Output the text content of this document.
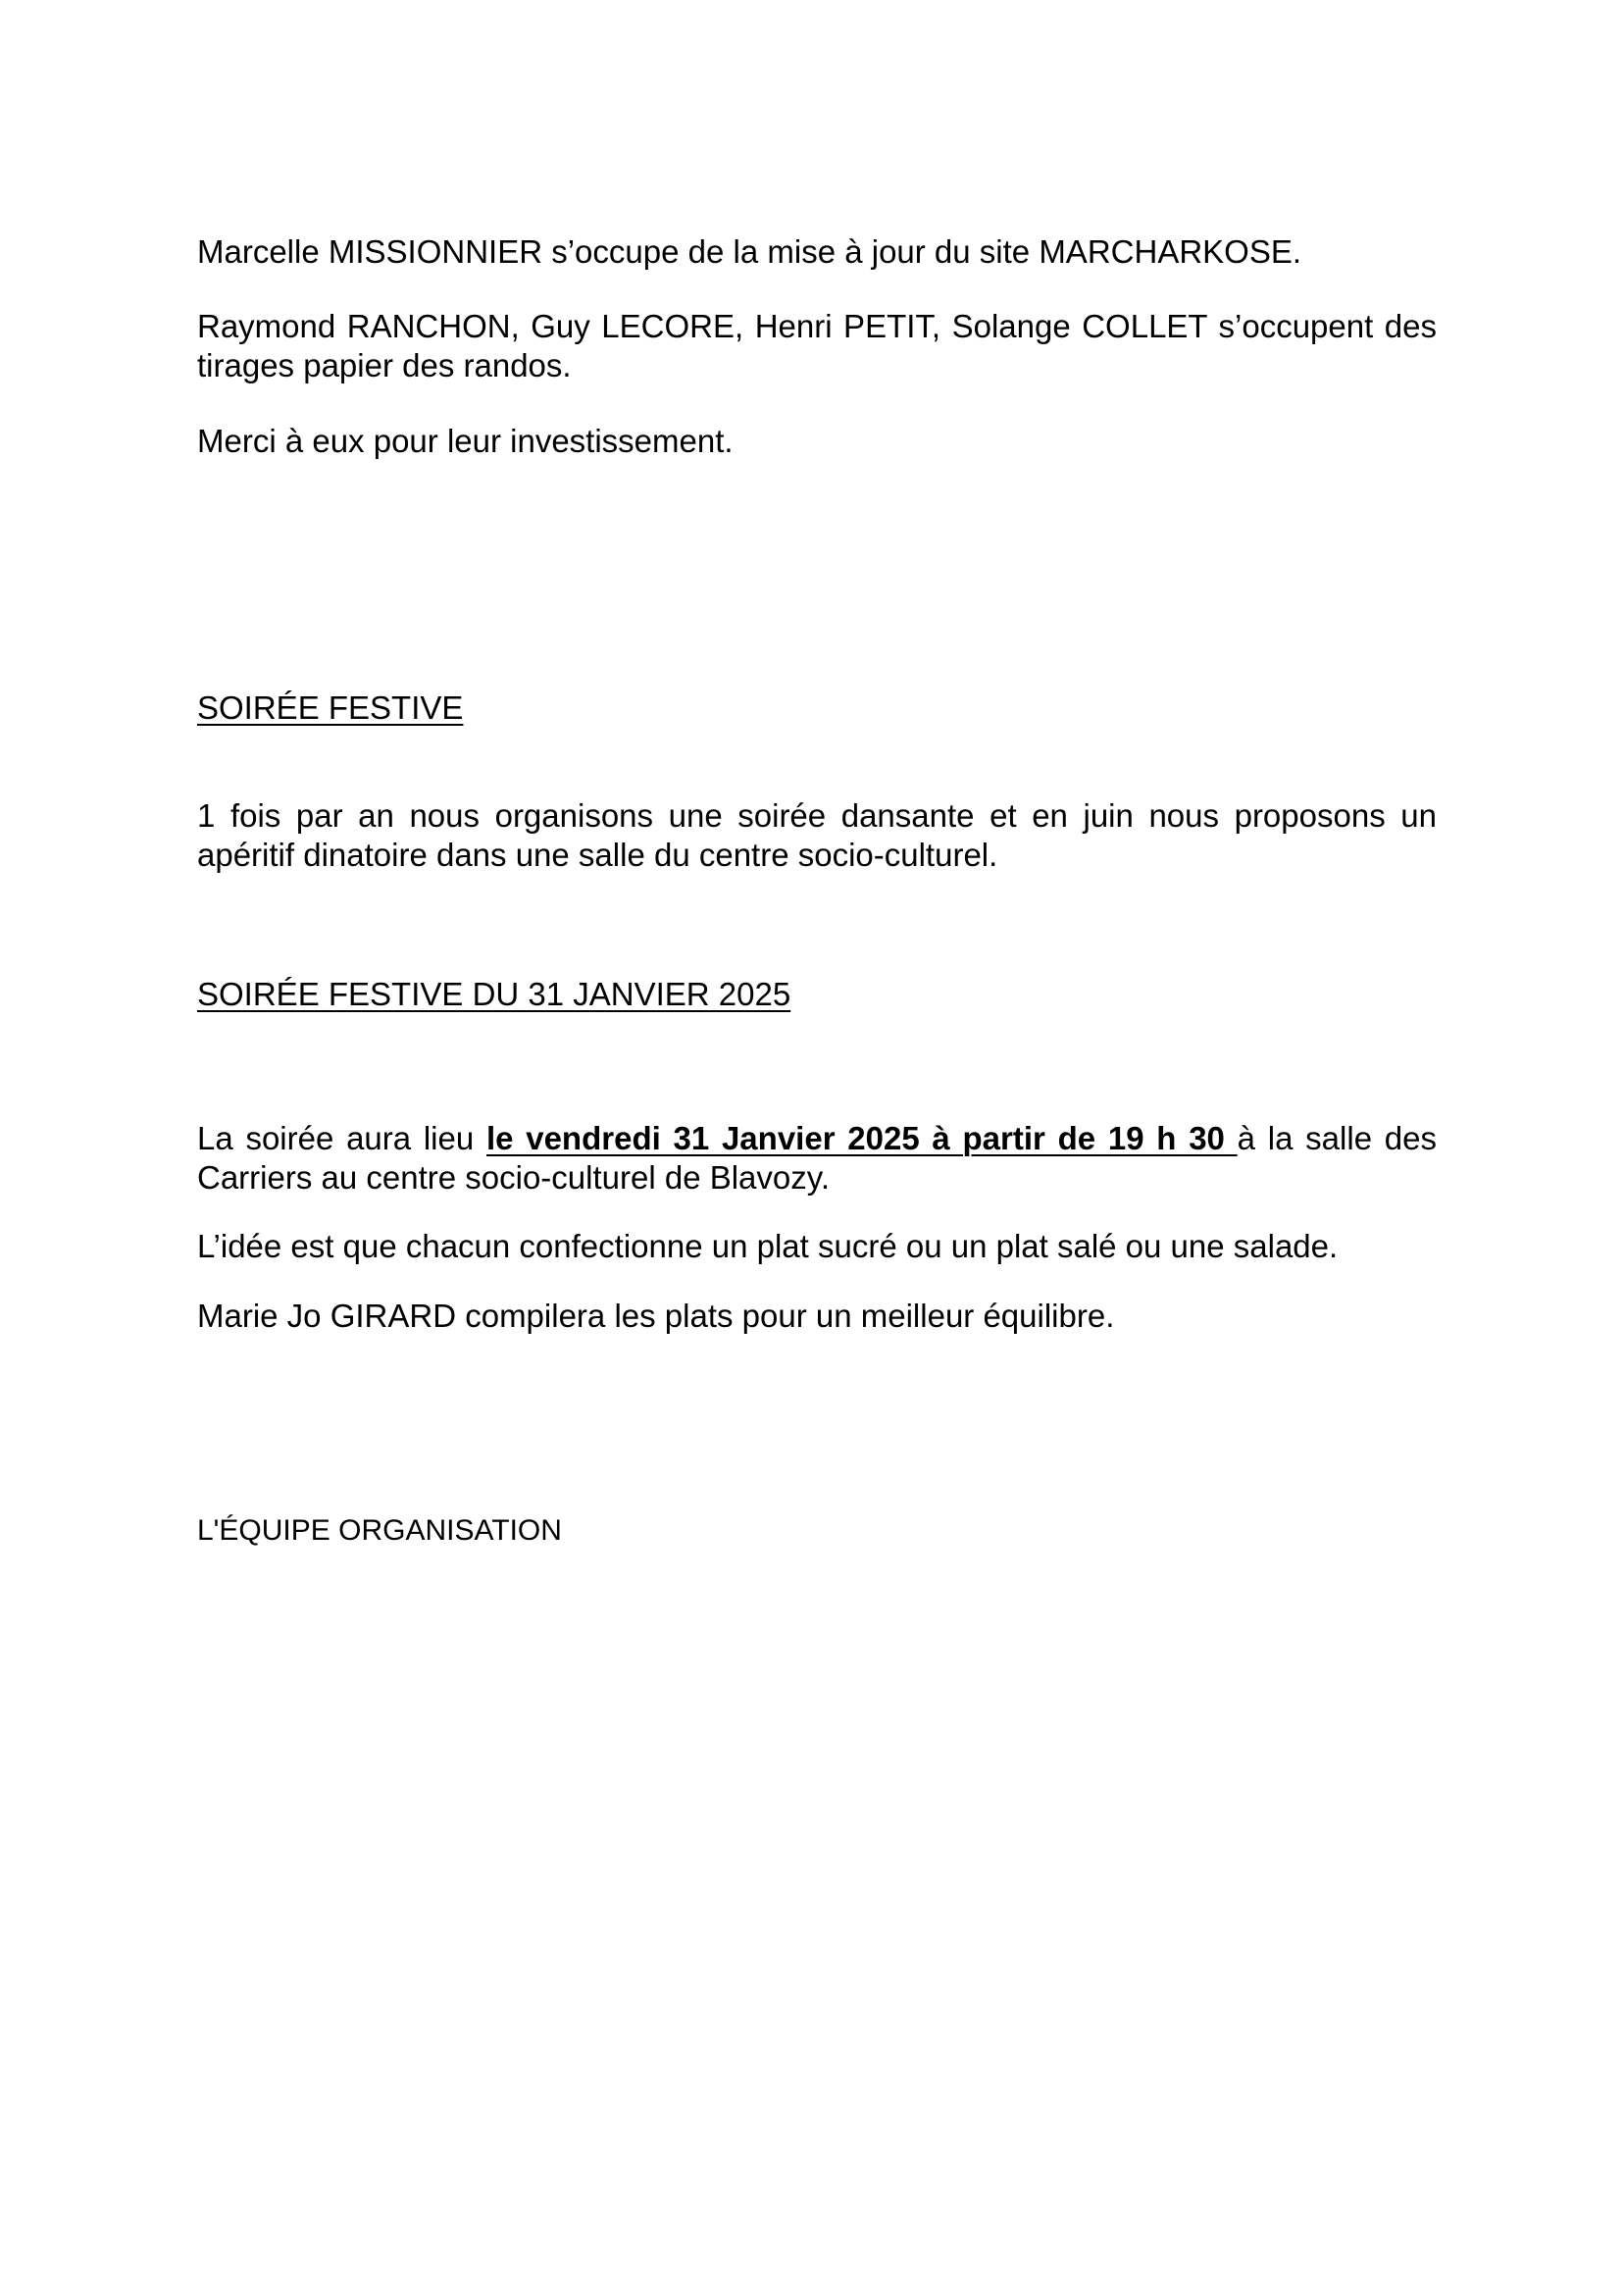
Marcelle MISSIONNIER s’occupe de la mise à jour du site MARCHARKOSE.

Raymond RANCHON, Guy LECORE, Henri PETIT, Solange COLLET s’occupent des tirages papier des randos.

Merci à eux pour leur investissement.

SOIRÉE FESTIVE

1 fois par an nous organisons une soirée dansante et en juin nous proposons un apéritif dinatoire dans une salle du centre socio-culturel.

SOIRÉE FESTIVE DU 31 JANVIER 2025

La soirée aura lieu le vendredi 31 Janvier 2025 à partir de 19 h 30 à la salle des Carriers au centre socio-culturel de Blavozy.

L’idée est que chacun confectionne un plat sucré ou un plat salé ou une salade.

Marie Jo GIRARD compilera les plats pour un meilleur équilibre.

L'ÉQUIPE ORGANISATION
